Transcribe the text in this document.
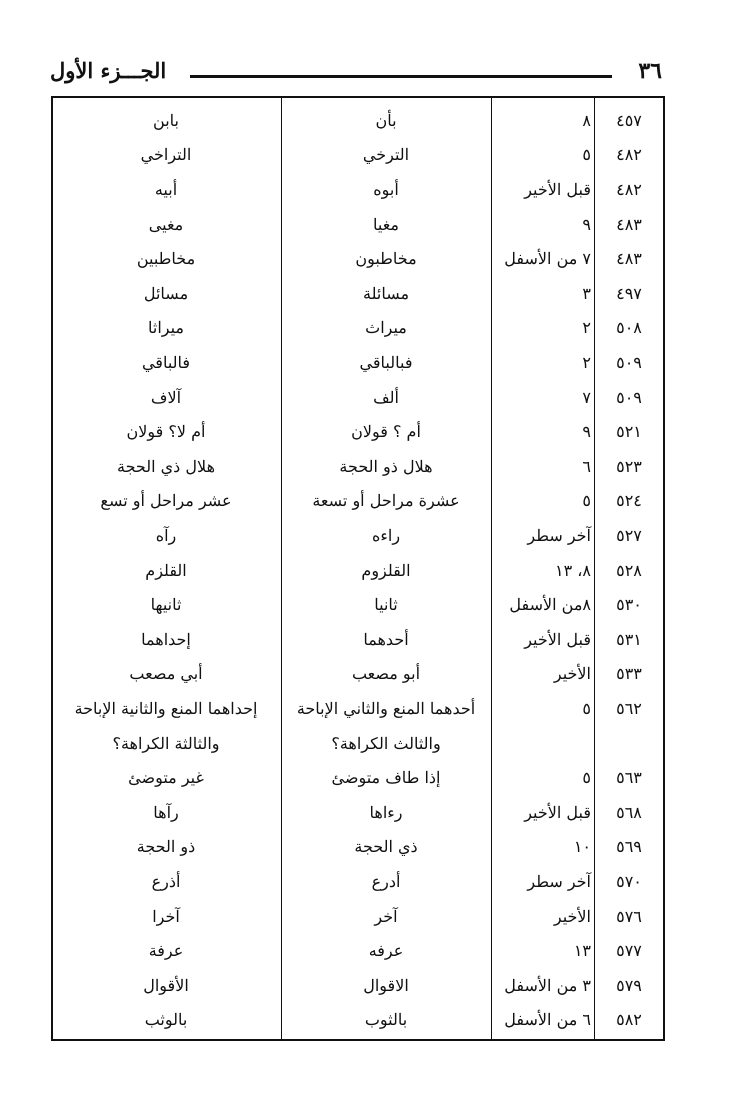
٣٦
الجـــزء الأول
٤٥٧
٨
بأن
بابن
٤٨٢
٥
الترخي
التراخي
٤٨٢
قبل الأخير
أبوه
أبيه
٤٨٣
٩
مغيا
مغيى
٤٨٣
٧ من الأسفل
مخاطبون
مخاطبين
٤٩٧
٣
مسائلة
مسائل
٥٠٨
٢
ميراث
ميراثا
٥٠٩
٢
فبالباقي
فالباقي
٥٠٩
٧
ألف
آلاف
٥٢١
٩
أم ؟ قولان
أم لا؟ قولان
٥٢٣
٦
هلال ذو الحجة
هلال ذي الحجة
٥٢٤
٥
عشرة مراحل أو تسعة
عشر مراحل أو تسع
٥٢٧
آخر سطر
راءه
رآه
٥٢٨
٨، ١٣
القلزوم
القلزم
٥٣٠
٨من الأسفل
ثانيا
ثانيها
٥٣١
قبل الأخير
أحدهما
إحداهما
٥٣٣
الأخير
أبو مصعب
أبي مصعب
٥٦٢
٥
أحدهما المنع والثاني الإباحة
إحداهما المنع والثانية الإباحة
والثالث الكراهة؟
والثالثة الكراهة؟
٥٦٣
٥
إذا طاف متوضئ
غير متوضئ
٥٦٨
قبل الأخير
رءاها
رآها
٥٦٩
١٠
ذي الحجة
ذو الحجة
٥٧٠
آخر سطر
أدرع
أذرع
٥٧٦
الأخير
آخر
آخرا
٥٧٧
١٣
عرفه
عرفة
٥٧٩
٣ من الأسفل
الاقوال
الأقوال
٥٨٢
٦ من الأسفل
بالثوب
بالوثب
